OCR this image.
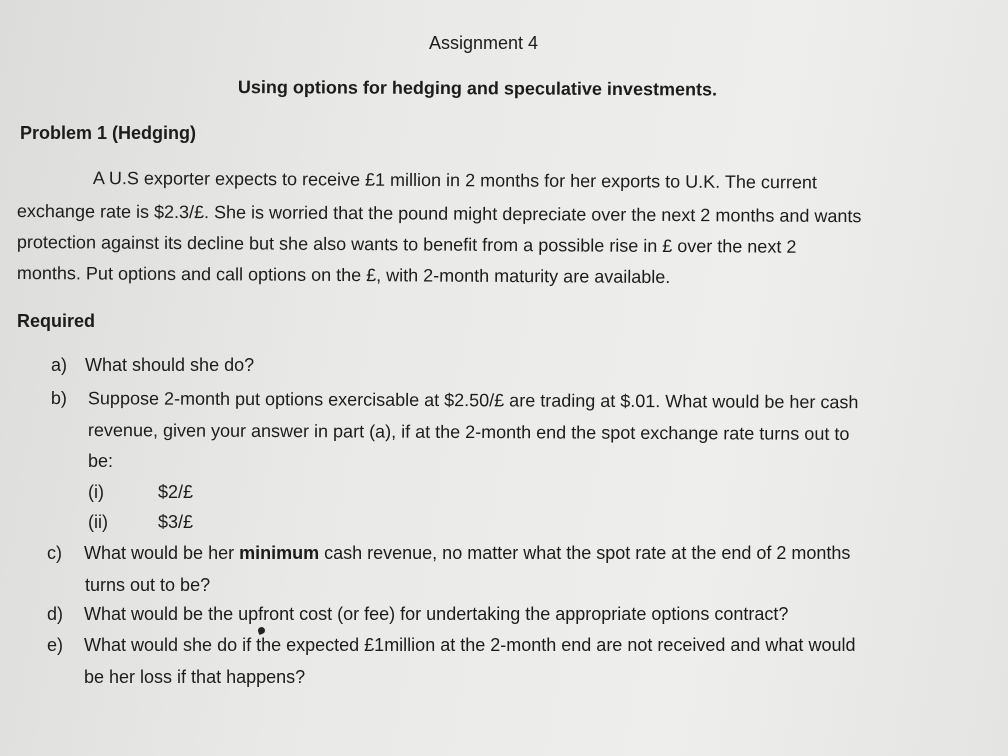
Assignment 4
Using options for hedging and speculative investments.
Problem 1 (Hedging)
A U.S exporter expects to receive £1 million in 2 months for her exports to U.K. The current
exchange rate is $2.3/£. She is worried that the pound might depreciate over the next 2 months and wants
protection against its decline but she also wants to benefit from a possible rise in £ over the next 2
months. Put options and call options on the £, with 2-month maturity are available.
Required
a) What should she do?
b) Suppose 2-month put options exercisable at $2.50/£ are trading at $.01. What would be her cash
revenue, given your answer in part (a), if at the 2-month end the spot exchange rate turns out to
be:
(i)	$2/£
(ii)	$3/£
c) What would be her minimum cash revenue, no matter what the spot rate at the end of 2 months
turns out to be?
d) What would be the upfront cost (or fee) for undertaking the appropriate options contract?
e) What would she do if the expected £1million at the 2-month end are not received and what would
be her loss if that happens?
